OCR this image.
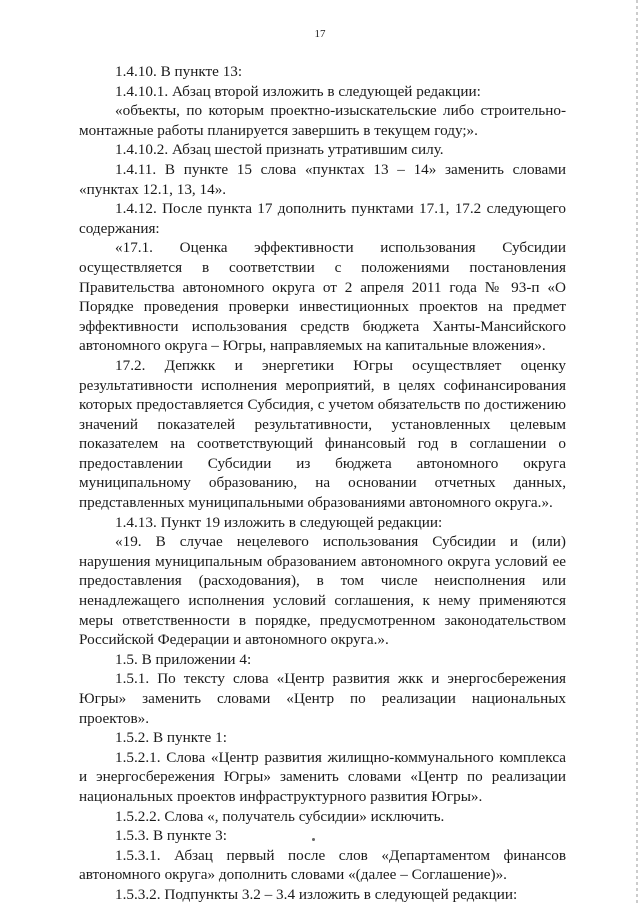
17

1.4.10. В пункте 13:

1.4.10.1. Абзац второй изложить в следующей редакции:

«объекты, по которым проектно-изыскательские либо строительно-монтажные работы планируется завершить в текущем году;».

1.4.10.2. Абзац шестой признать утратившим силу.

1.4.11. В пункте 15 слова «пунктах 13 – 14» заменить словами «пунктах 12.1, 13, 14».

1.4.12. После пункта 17 дополнить пунктами 17.1, 17.2 следующего содержания:

«17.1. Оценка эффективности использования Субсидии осуществляется в соответствии с положениями постановления Правительства автономного округа от 2 апреля 2011 года № 93-п «О Порядке проведения проверки инвестиционных проектов на предмет эффективности использования средств бюджета Ханты-Мансийского автономного округа – Югры, направляемых на капитальные вложения».

17.2. Депжкк и энергетики Югры осуществляет оценку результативности исполнения мероприятий, в целях софинансирования которых предоставляется Субсидия, с учетом обязательств по достижению значений показателей результативности, установленных целевым показателем на соответствующий финансовый год в соглашении о предоставлении Субсидии из бюджета автономного округа муниципальному образованию, на основании отчетных данных, представленных муниципальными образованиями автономного округа.».

1.4.13. Пункт 19 изложить в следующей редакции:

«19. В случае нецелевого использования Субсидии и (или) нарушения муниципальным образованием автономного округа условий ее предоставления (расходования), в том числе неисполнения или ненадлежащего исполнения условий соглашения, к нему применяются меры ответственности в порядке, предусмотренном законодательством Российской Федерации и автономного округа.».

1.5. В приложении 4:

1.5.1. По тексту слова «Центр развития жкк и энергосбережения Югры» заменить словами «Центр по реализации национальных проектов».

1.5.2. В пункте 1:

1.5.2.1. Слова «Центр развития жилищно-коммунального комплекса и энергосбережения Югры» заменить словами «Центр по реализации национальных проектов инфраструктурного развития Югры».

1.5.2.2. Слова «, получатель субсидии» исключить.

1.5.3. В пункте 3:

1.5.3.1. Абзац первый после слов «Департаментом финансов автономного округа» дополнить словами «(далее – Соглашение)».

1.5.3.2. Подпункты 3.2 – 3.4 изложить в следующей редакции:
